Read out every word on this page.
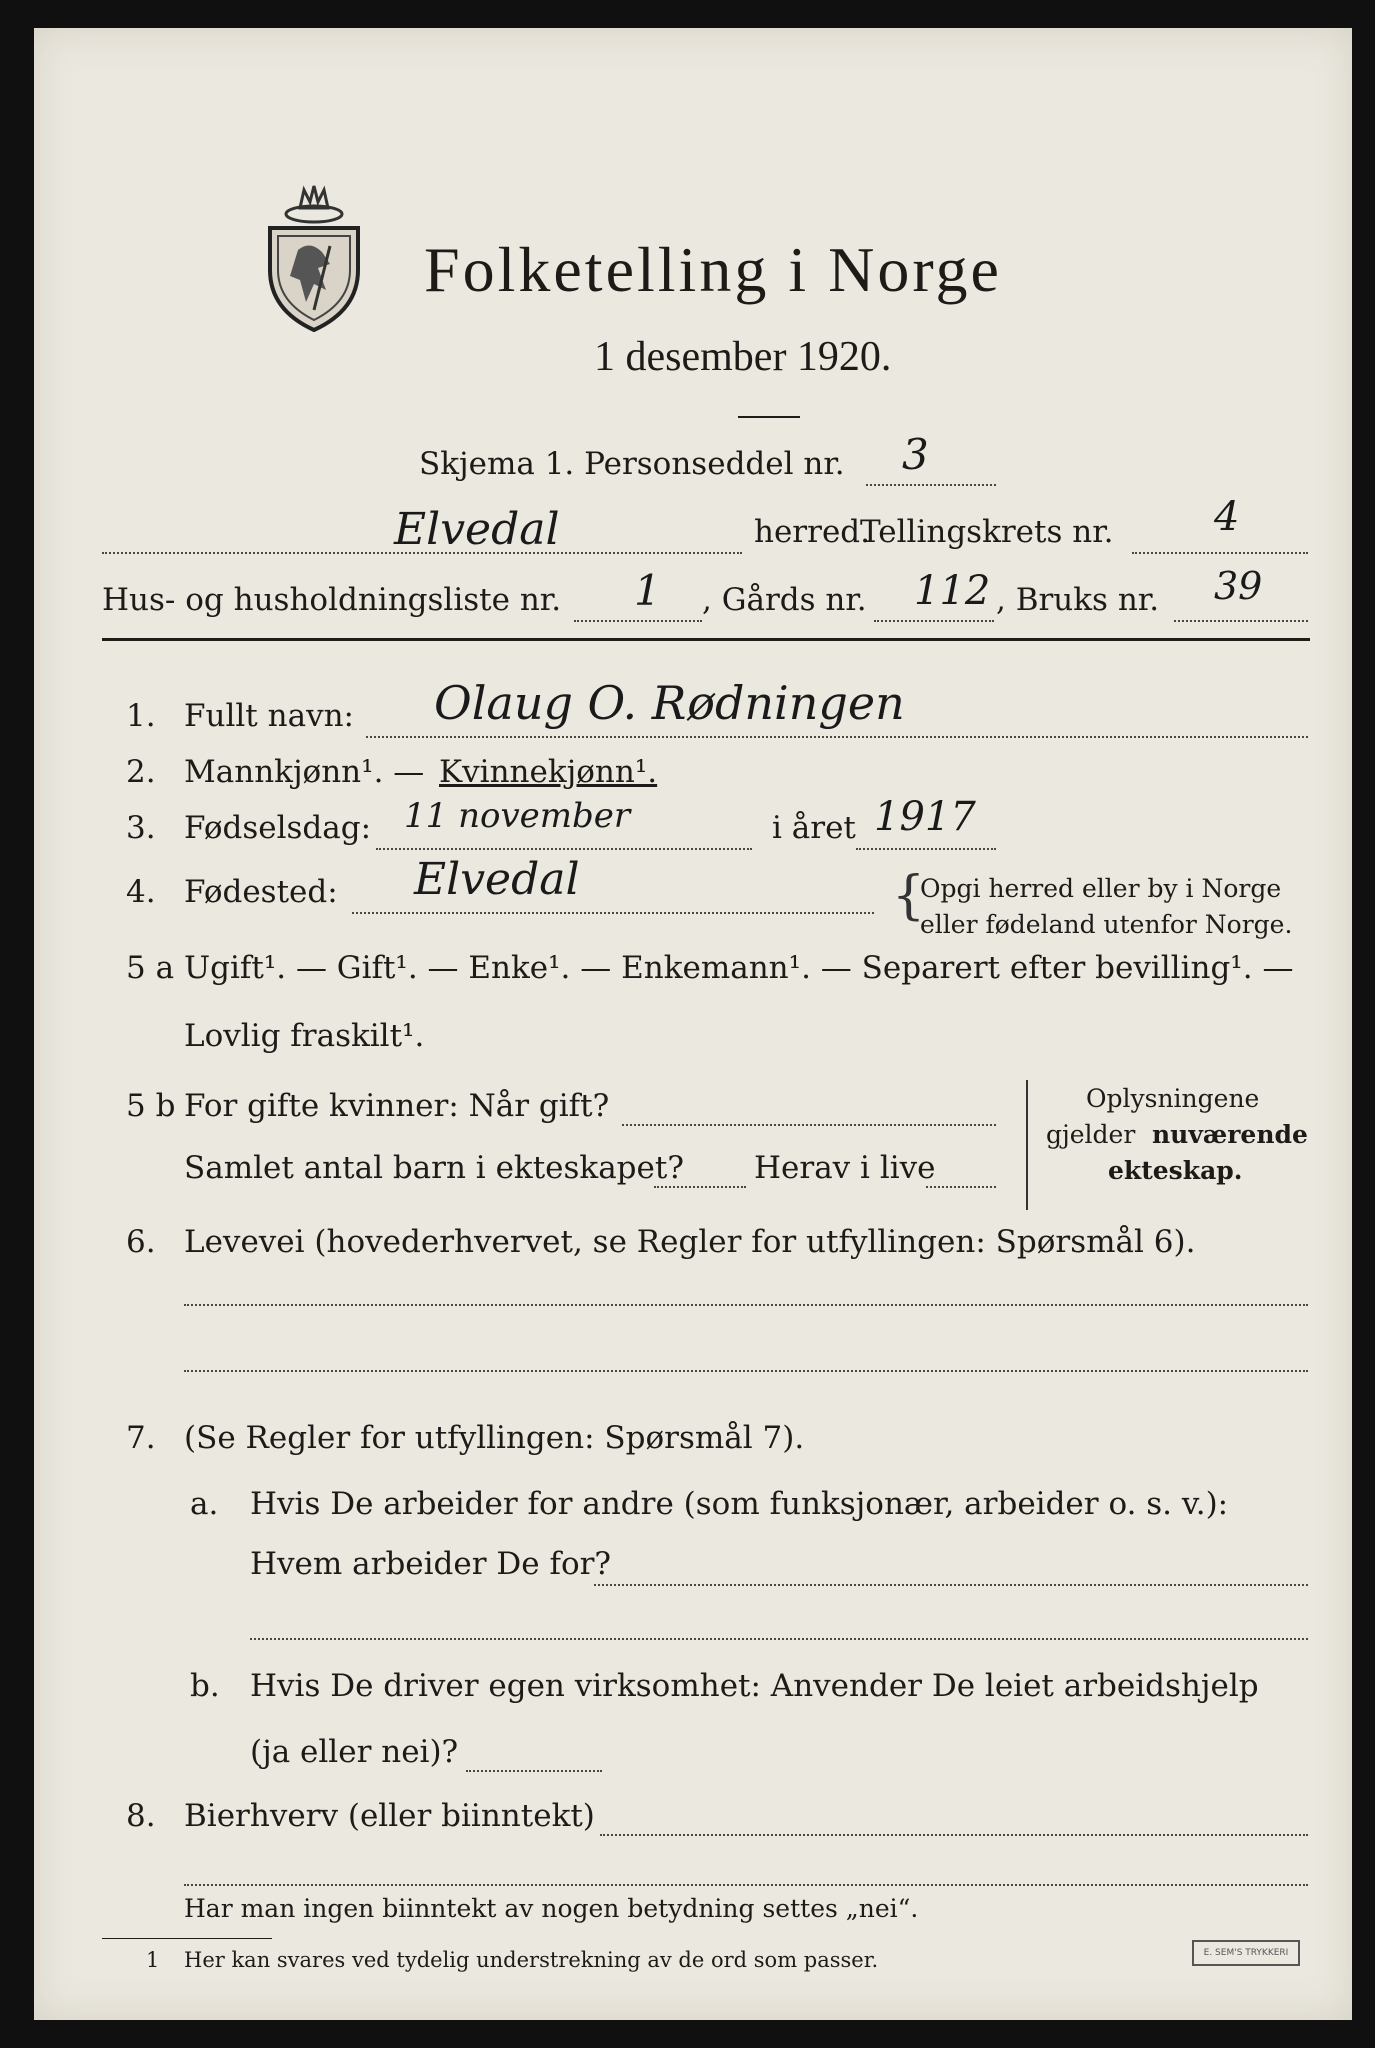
Folketelling i Norge
1 desember 1920.
Skjema 1. Personseddel nr. 3
Elvedal	herred.
Tellingskrets nr.	4
Hus- og husholdningsliste nr. 1 , Gårds nr. 112 , Bruks nr. 39
1. Fullt navn: Olaug O. Rødningen
2. Mannkjønn¹. — Kvinnekjønn¹.
3. Fødselsdag: 11 november	i året 1917
4. Fødested: Elvedal	{
Opgi herred eller by i Norge
eller fødeland utenfor Norge.
5 a Ugift¹. — Gift¹. — Enke¹. — Enkemann¹. — Separert efter bevilling¹. —
Lovlig fraskilt¹.
5 b For gifte kvinner: Når gift?
Samlet antal barn i ekteskapet? Herav i live
Oplysningene
gjelder nuværende
ekteskap.
6. Levevei (hovederhvervet, se Regler for utfyllingen: Spørsmål 6).
7. (Se Regler for utfyllingen: Spørsmål 7).
a. Hvis De arbeider for andre (som funksjonær, arbeider o. s. v.):
Hvem arbeider De for?
b. Hvis De driver egen virksomhet: Anvender De leiet arbeidshjelp
(ja eller nei)?
8. Bierhverv (eller biinntekt)
Har man ingen biinntekt av nogen betydning settes „nei“.
1 Her kan svares ved tydelig understrekning av de ord som passer.	E. SEM'S TRYKKERI
